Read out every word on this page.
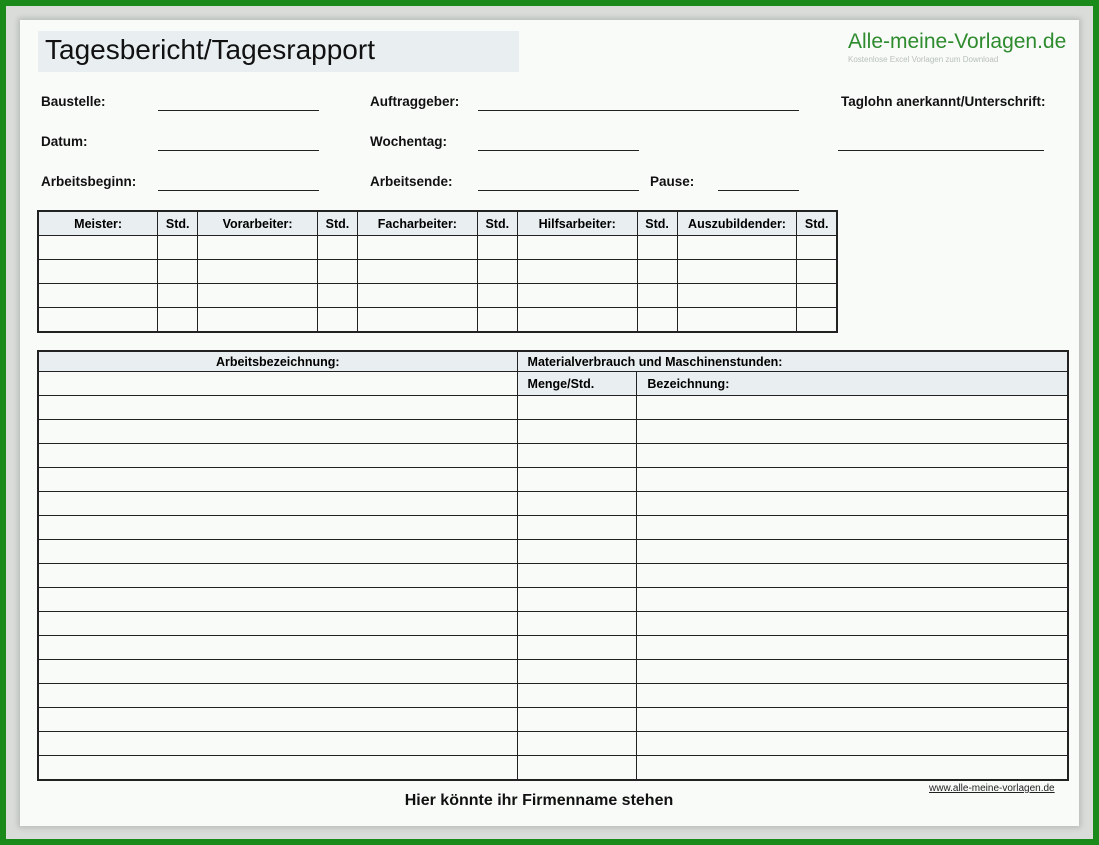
Tagesbericht/Tagesrapport	Alle-meine-Vorlagen.de
Kostenlose Excel Vorlagen zum Download
Baustelle:	Auftraggeber:	Taglohn anerkannt/Unterschrift:
Datum:	Wochentag:
Arbeitsbeginn:	Arbeitsende:	Pause:
Meister:	Std.	Vorarbeiter:	Std.	Facharbeiter:	Std.	Hilfsarbeiter:	Std.	Auszubildender:	Std.

Arbeitsbezeichnung:	Materialverbrauch und Maschinenstunden:	
	Menge/Std.	Bezeichnung:

www.alle-meine-vorlagen.de
Hier könnte ihr Firmenname stehen
